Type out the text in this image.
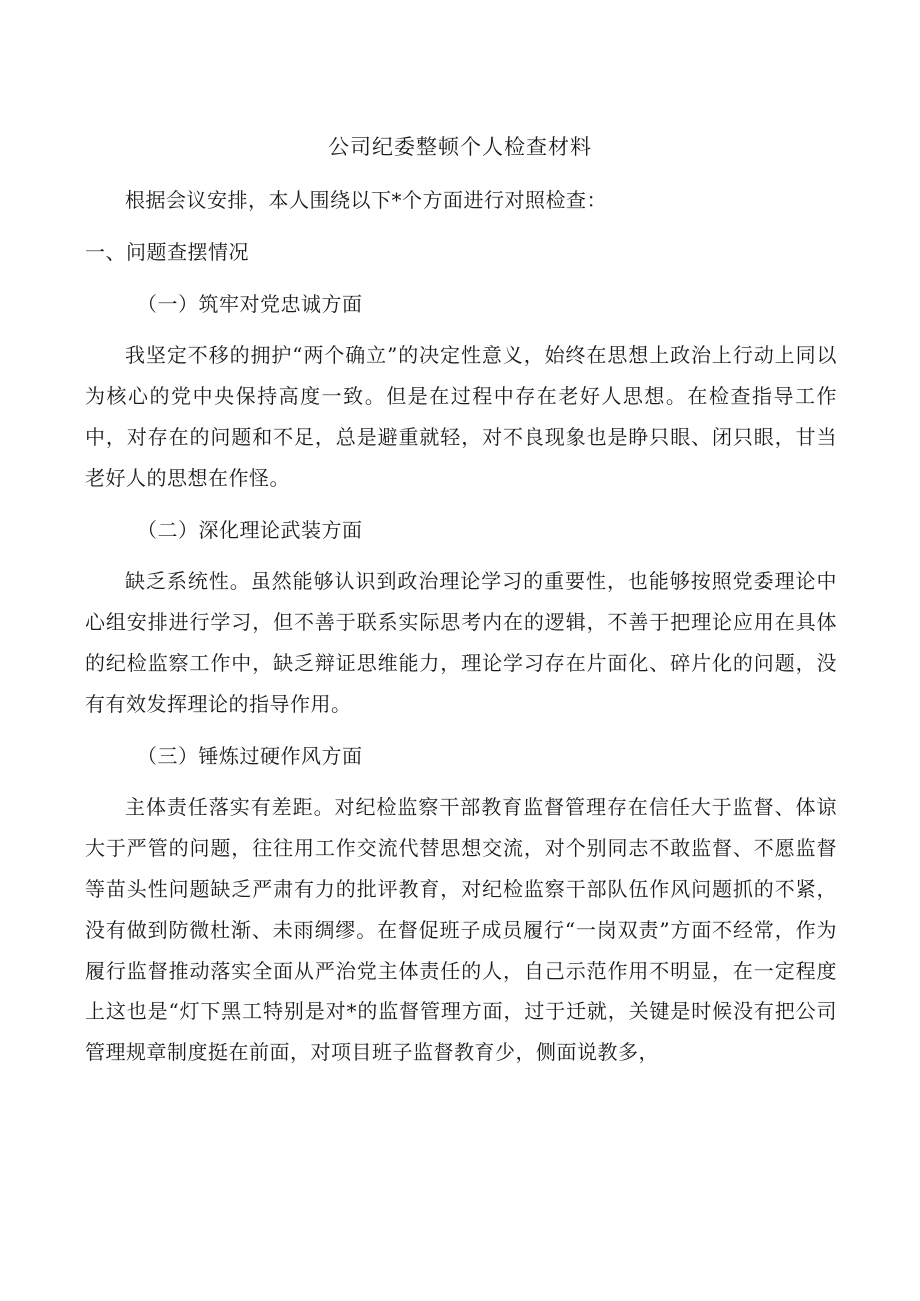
公司纪委整顿个人检查材料

根据会议安排，本人围绕以下*个方面进行对照检查：

一、问题查摆情况

（一）筑牢对党忠诚方面

我坚定不移的拥护“两个确立”的决定性意义，始终在思想上政治上行动上同以为核心的党中央保持高度一致。但是在过程中存在老好人思想。在检查指导工作中，对存在的问题和不足，总是避重就轻，对不良现象也是睁只眼、闭只眼，甘当老好人的思想在作怪。

（二）深化理论武装方面

缺乏系统性。虽然能够认识到政治理论学习的重要性，也能够按照党委理论中心组安排进行学习，但不善于联系实际思考内在的逻辑，不善于把理论应用在具体的纪检监察工作中，缺乏辩证思维能力，理论学习存在片面化、碎片化的问题，没有有效发挥理论的指导作用。

（三）锤炼过硬作风方面

主体责任落实有差距。对纪检监察干部教育监督管理存在信任大于监督、体谅大于严管的问题，往往用工作交流代替思想交流，对个别同志不敢监督、不愿监督等苗头性问题缺乏严肃有力的批评教育，对纪检监察干部队伍作风问题抓的不紧，没有做到防微杜渐、未雨绸缪。在督促班子成员履行“一岗双责”方面不经常，作为履行监督推动落实全面从严治党主体责任的人，自己示范作用不明显，在一定程度上这也是“灯下黑工特别是对*的监督管理方面，过于迁就，关键是时候没有把公司管理规章制度挺在前面，对项目班子监督教育少，侧面说教多，
